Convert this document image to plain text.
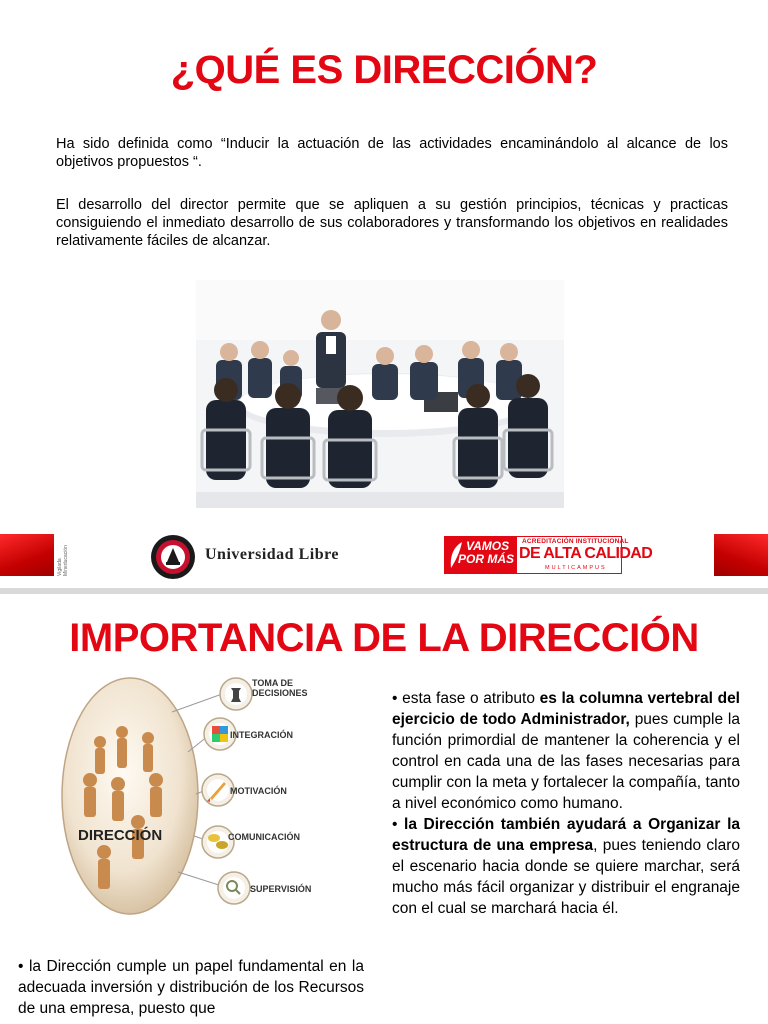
¿QUÉ ES DIRECCIÓN?

Ha sido definida como “Inducir la actuación de las actividades encaminándolo al alcance de los objetivos propuestos “.

El desarrollo del director permite que se apliquen a su gestión principios, técnicas y practicas consiguiendo el inmediato desarrollo de sus colaboradores y transformando los objetivos en realidades relativamente fáciles de alcanzar.

Vigilada Mineducación	Universidad Libre	VAMOS
POR MÁS
ACREDITACIÓN INSTITUCIONAL
DE ALTA CALIDAD
MULTICAMPUS
IMPORTANCIA DE LA DIRECCIÓN
DIRECCIÓN
TOMA DE
DECISIONES
INTEGRACIÓN
MOTIVACIÓN
COMUNICACIÓN
SUPERVISIÓN

• esta fase o atributo es la columna vertebral del ejercicio de todo Administrador, pues cumple la función primordial de mantener la coherencia y el control en cada una de las fases necesarias para cumplir con la meta y fortalecer la compañía, tanto a nivel económico como humano.

• la Dirección también ayudará a Organizar la estructura de una empresa, pues teniendo claro el escenario hacia donde se quiere marchar, será mucho más fácil organizar y distribuir el engranaje con el cual se marchará hacia él.

• la Dirección cumple un papel fundamental en la adecuada inversión y distribución de los Recursos de una empresa, puesto que
